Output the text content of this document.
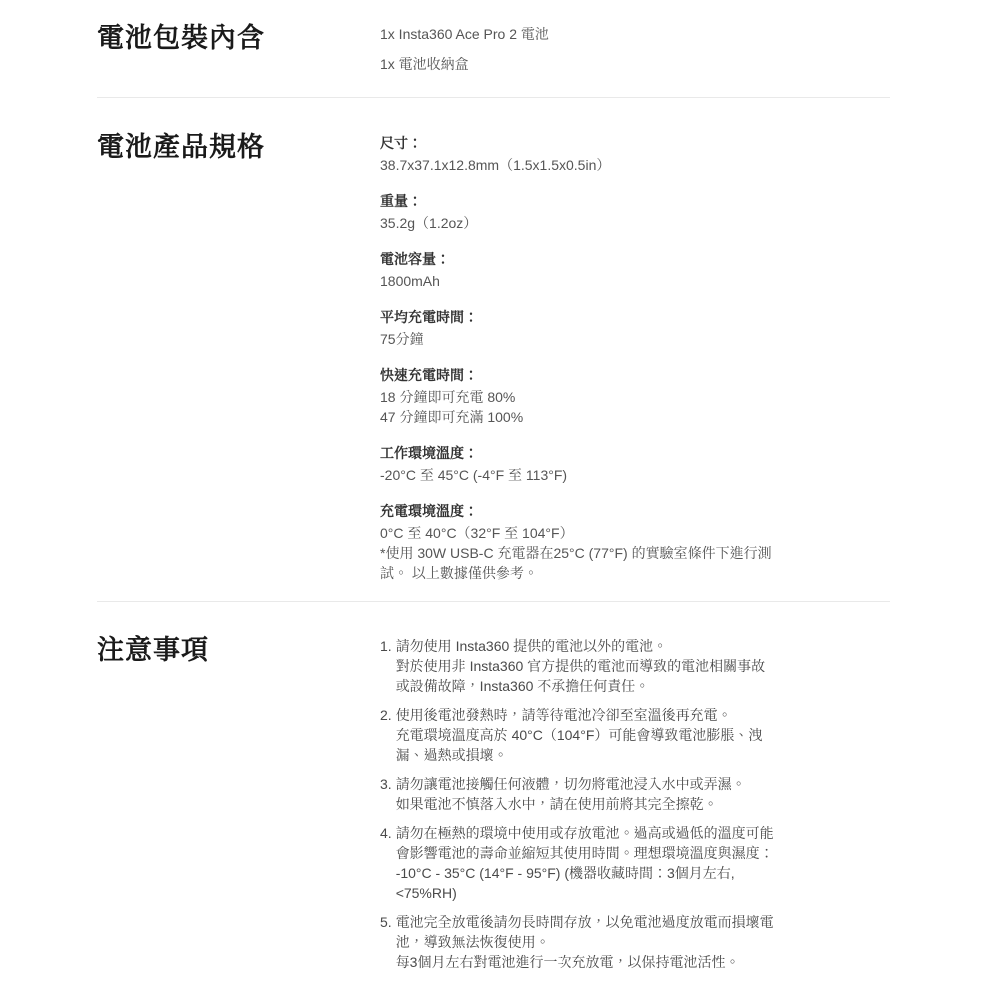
電池包裝內含	1x Insta360 Ace Pro 2 電池
1x 電池收納盒
電池產品規格	尺寸：
38.7x37.1x12.8mm（1.5x1.5x0.5in）
重量：
35.2g（1.2oz）
電池容量：
1800mAh
平均充電時間：
75分鐘
快速充電時間：
18 分鐘即可充電 80%
47 分鐘即可充滿 100%
工作環境溫度：
-20°C 至 45°C (-4°F 至 113°F)
充電環境溫度：
0°C 至 40°C（32°F 至 104°F）
*使用 30W USB-C 充電器在25°C (77°F) 的實驗室條件下進行測
試。 以上數據僅供參考。
注意事項	1. 請勿使用 Insta360 提供的電池以外的電池。
對於使用非 Insta360 官方提供的電池而導致的電池相關事故
或設備故障，Insta360 不承擔任何責任。
2. 使用後電池發熱時，請等待電池冷卻至室溫後再充電。
充電環境溫度高於 40°C（104°F）可能會導致電池膨脹、洩
漏、過熱或損壞。
3. 請勿讓電池接觸任何液體，切勿將電池浸入水中或弄濕。
如果電池不慎落入水中，請在使用前將其完全擦乾。
4. 請勿在極熱的環境中使用或存放電池。過高或過低的溫度可能
會影響電池的壽命並縮短其使用時間。理想環境溫度與濕度：
-10°C - 35°C (14°F - 95°F) (機器收藏時間：3個月左右,
<75%RH)
5. 電池完全放電後請勿長時間存放，以免電池過度放電而損壞電
池，導致無法恢復使用。
每3個月左右對電池進行一次充放電，以保持電池活性。
